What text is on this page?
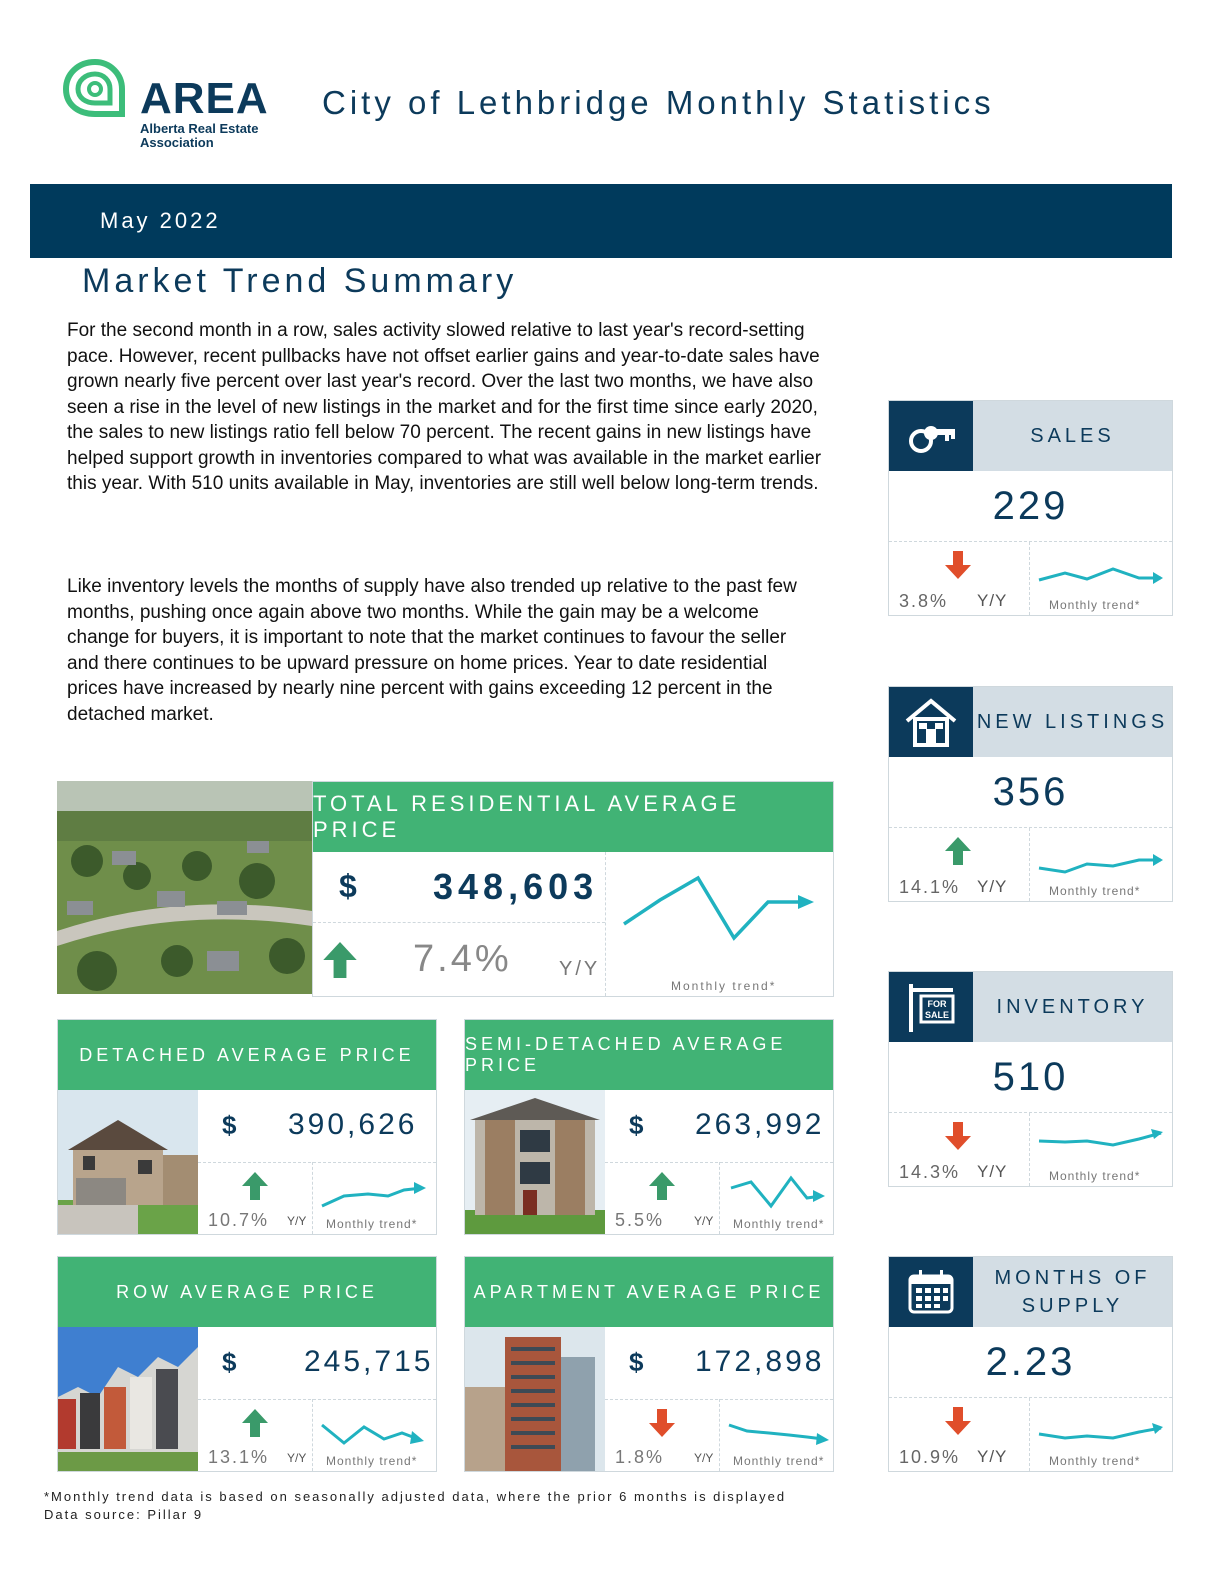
AREA
Alberta Real Estate Association
City of Lethbridge Monthly Statistics
May 2022
Market Trend Summary
For the second month in a row, sales activity slowed relative to last year's record-setting pace. However, recent pullbacks have not offset earlier gains and year-to-date sales have grown nearly five percent over last year's record. Over the last two months, we have also seen a rise in the level of new listings in the market and for the first time since early 2020, the sales to new listings ratio fell below 70 percent. The recent gains in new listings have helped support growth in inventories compared to what was available in the market earlier this year. With 510 units available in May, inventories are still well below long-term trends.
Like inventory levels the months of supply have also trended up relative to the past few months, pushing once again above two months. While the gain may be a welcome change for buyers, it is important to note that the market continues to favour the seller and there continues to be upward pressure on home prices. Year to date residential prices have increased by nearly nine percent with gains exceeding 12 percent in the detached market.
SALES
229
3.8% Y/Y	Monthly trend*
NEW LISTINGS
356
14.1% Y/Y	Monthly trend*
FOR
SALE	INVENTORY
510
14.3% Y/Y	Monthly trend*
MONTHS OF SUPPLY
2.23
10.9% Y/Y	Monthly trend*
TOTAL RESIDENTIAL AVERAGE PRICE
$ 348,603
7.4% Y/Y
Monthly trend*
DETACHED AVERAGE PRICE
$ 390,626
10.7% Y/Y Monthly trend*
SEMI-DETACHED AVERAGE PRICE
$ 263,992
5.5% Y/Y Monthly trend*
ROW AVERAGE PRICE
$ 245,715
13.1% Y/Y Monthly trend*
APARTMENT AVERAGE PRICE
$ 172,898
1.8% Y/Y Monthly trend*
*Monthly trend data is based on seasonally adjusted data, where the prior 6 months is displayed
Data source: Pillar 9
